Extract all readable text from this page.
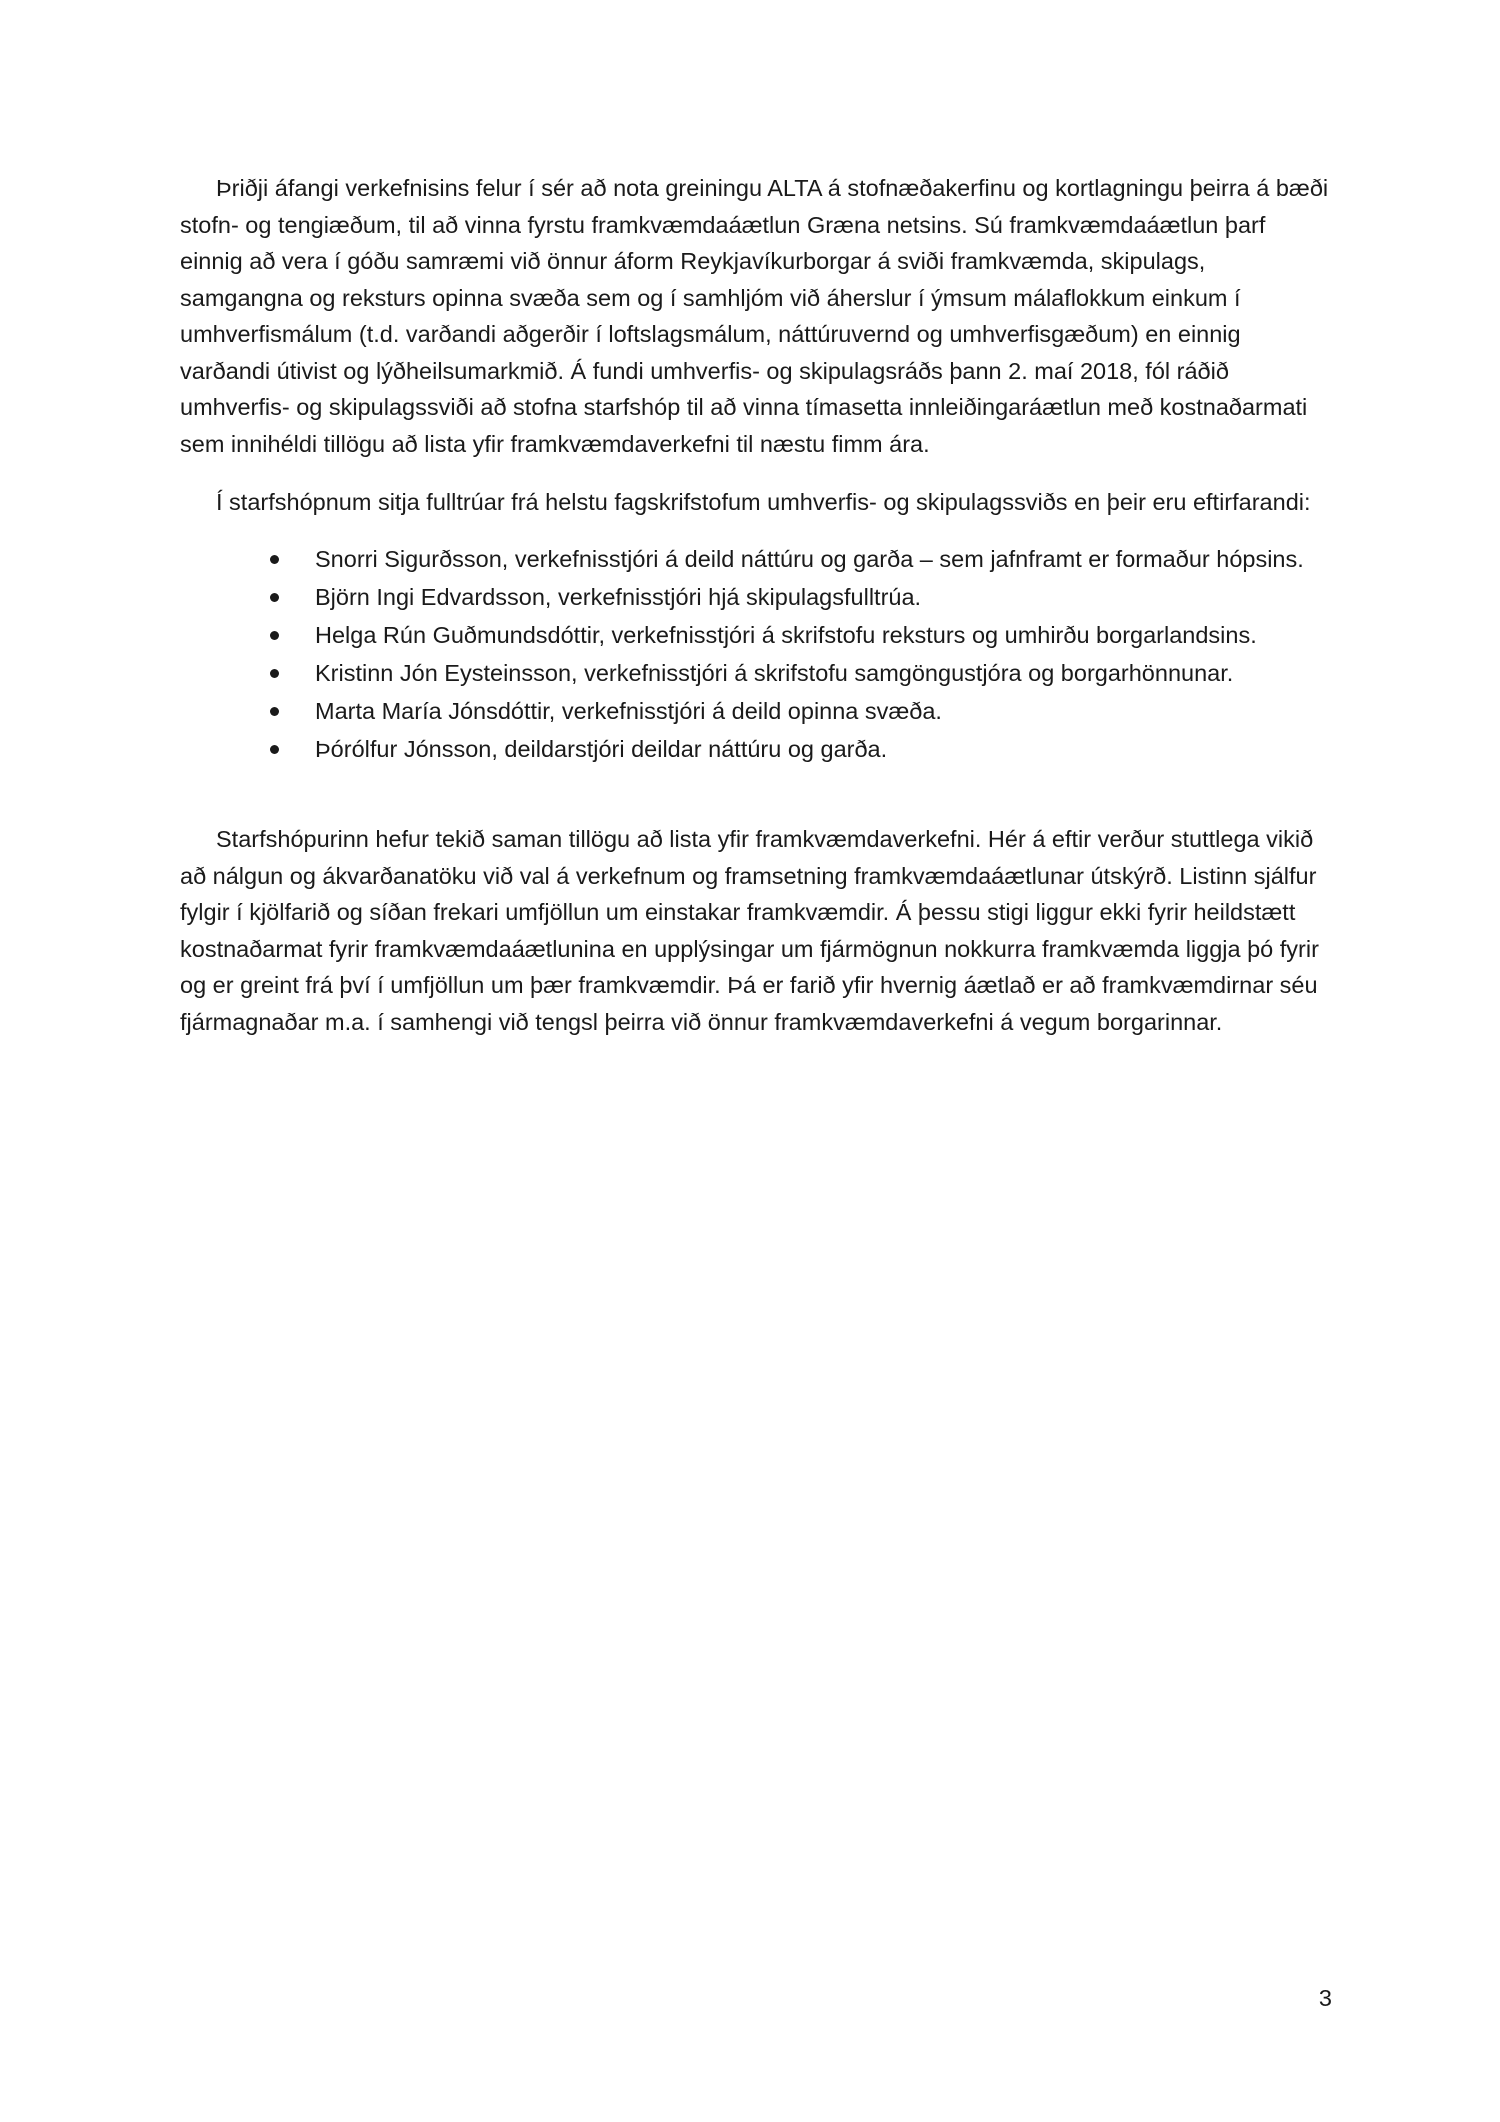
Þriðji áfangi verkefnisins felur í sér að nota greiningu ALTA á stofnæðakerfinu og kortlagningu þeirra á bæði stofn- og tengiæðum, til að vinna fyrstu framkvæmdaáætlun Græna netsins. Sú framkvæmdaáætlun þarf einnig að vera í góðu samræmi við önnur áform Reykjavíkurborgar á sviði framkvæmda, skipulags, samgangna og reksturs opinna svæða sem og í samhljóm við áherslur í ýmsum málaflokkum einkum í umhverfismálum (t.d. varðandi aðgerðir í loftslagsmálum, náttúruvernd og umhverfisgæðum) en einnig varðandi útivist og lýðheilsumarkmið. Á fundi umhverfis- og skipulagsráðs þann 2. maí 2018, fól ráðið umhverfis- og skipulagssviði að stofna starfshóp til að vinna tímasetta innleiðingaráætlun með kostnaðarmati sem innihéldi tillögu að lista yfir framkvæmdaverkefni til næstu fimm ára.

Í starfshópnum sitja fulltrúar frá helstu fagskrifstofum umhverfis- og skipulagssviðs en þeir eru eftirfarandi:

Snorri Sigurðsson, verkefnisstjóri á deild náttúru og garða – sem jafnframt er formaður hópsins.
Björn Ingi Edvardsson, verkefnisstjóri hjá skipulagsfulltrúa.
Helga Rún Guðmundsdóttir, verkefnisstjóri á skrifstofu reksturs og umhirðu borgarlandsins.
Kristinn Jón Eysteinsson, verkefnisstjóri á skrifstofu samgöngustjóra og borgarhönnunar.
Marta María Jónsdóttir, verkefnisstjóri á deild opinna svæða.
Þórólfur Jónsson, deildarstjóri deildar náttúru og garða.

Starfshópurinn hefur tekið saman tillögu að lista yfir framkvæmdaverkefni. Hér á eftir verður stuttlega vikið að nálgun og ákvarðanatöku við val á verkefnum og framsetning framkvæmdaáætlunar útskýrð. Listinn sjálfur fylgir í kjölfarið og síðan frekari umfjöllun um einstakar framkvæmdir. Á þessu stigi liggur ekki fyrir heildstætt kostnaðarmat fyrir framkvæmdaáætlunina en upplýsingar um fjármögnun nokkurra framkvæmda liggja þó fyrir og er greint frá því í umfjöllun um þær framkvæmdir. Þá er farið yfir hvernig áætlað er að framkvæmdirnar séu fjármagnaðar m.a. í samhengi við tengsl þeirra við önnur framkvæmdaverkefni á vegum borgarinnar.

3
